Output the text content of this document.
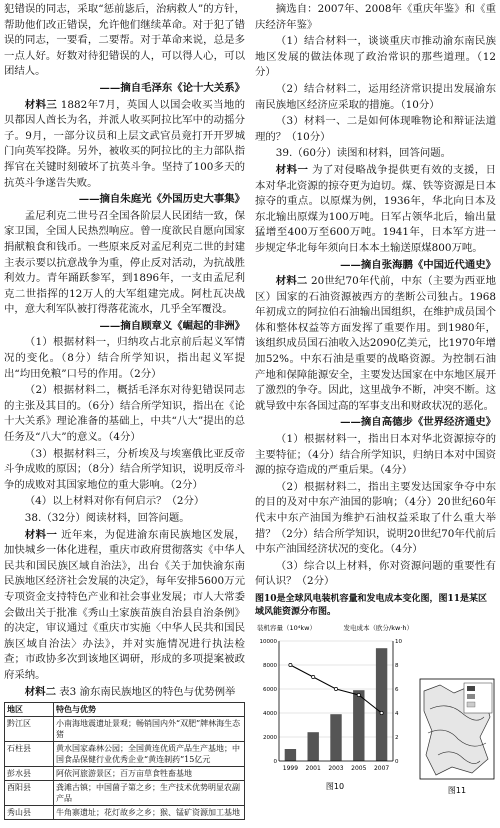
犯错误的同志，采取“惩前毖后，治病救人”的方针，帮助他们改正错误，允许他们继续革命。对于犯了错误的同志，一要看，二要帮。对于革命来说，总是多一点人好。好数对待犯错误的人，可以得人心，可以团结人。

——摘自毛泽东《论十大关系》

材料三 1882年7月，英国人以国会收买当地的贝都因人酋长为名，并派人收买阿拉比军中的动摇分子。9月，一部分议员和上层文武官员竟打开开罗城门向英军投降。另外，被收买的阿拉比的主力部队指挥官在关键时刻破坏了抗英斗争。坚持了100多天的抗英斗争遂告失败。

——摘自朱庭光《外国历史大事集》

孟尼利克二世号召全国各阶层人民团结一致，保家卫国，全国人民热烈响应。曾一度欲民自愿向国家捐献粮食和钱币。一些原来反对孟尼利克二世的封建主表示要以抗意战争为重，停止反对活动，为抗战胜利效力。青年踊跃参军，到1896年，一支由孟尼利克二世指挥的12万人的大军组建完成。阿杜瓦决战中，意大利军队被打得落花流水，几乎全军覆没。

——摘自顾章义《崛起的非洲》

（1）根据材料一，归纳攻占北京前后起义军情况的变化。（8分）结合所学知识，指出起义军提出“均田免粮”口号的作用。（2分）

（2）根据材料二，概括毛泽东对待犯错误同志的主张及其目的。（6分）结合所学知识，指出在《论十大关系》理论准备的基础上，中共“八大”提出的总任务及“八大”的意义。（4分）

（3）根据材料三，分析埃及与埃塞俄比亚反帝斗争成败的原因；（8分）结合所学知识，说明反帝斗争的成败对其国家地位的重大影响。（2分）

（4）以上材料对你有何启示？（2分）

38.（32分）阅读材料，回答问题。

材料一 近年来，为促进渝东南民族地区发展，加快城乡一体化进程，重庆市政府贯彻落实《中华人民共和国民族区域自治法》，出台《关于加快渝东南民族地区经济社会发展的决定》，每年安排5600万元专项资金支持特色产业和社会事业发展；市人大常委会做出关于批准《秀山土家族苗族自治县自治条例》的决定，审议通过《重庆市实施〈中华人民共和国民族区域自治法〉办法》，并对实施情况进行执法检查；市政协多次到该地区调研，形成的多项提案被政府采纳。

材料二 表3 渝东南民族地区的特色与优势例举

地区	特色与优势
黔江区	小南海地震遗址景观；畅销国内外“双肥”牌林海生态猪
石柱县	黄水国家森林公园；全国黄连优质产品生产基地；中国食品保健行业优秀企业“黄连制药”15亿元
彭水县	阿依河旅游景区；百万亩草食牲畜基地
酉阳县	龚滩古镇；中国菌子第之乡；生产技术优势明显农副产品
秀山县	牛角寨遗址；花灯故乡之乡；猴、锰矿资源加工基地

摘选自：2007年、2008年《重庆年鉴》和《重庆经济年鉴》

（1）结合材料一，谈谈重庆市推动渝东南民族地区发展的做法体现了政治常识的那些道理。（12分）

（2）结合材料二，运用经济常识提出发展渝东南民族地区经济应采取的措施。（10分）

（3）材料一、二是如何体现唯物论和辩证法道理的？（10分）

39.（60分）读图和材料，回答问题。

材料一 为了对侵略战争提供更有效的支援，日本对华北资源的掠夺更为迫切。煤、铁等资源是日本掠夺的重点。以原煤为例，1936年，华北向日本及东北输出原煤为100万吨。日军占领华北后，输出量猛增至400万至600万吨。1941年，日本军方进一步规定华北每年须向日本本土输送原煤800万吨。

——摘自张海鹏《中国近代通史》

材料二 20世纪70年代前，中东（主要为西亚地区）国家的石油资源被西方的垄断公司独占。1968年初成立的阿拉伯石油输出国组织，在维护成员国个体和整体权益等方面发挥了重要作用。到1980年，该组织成员国石油收入达2090亿美元，比1970年增加52%。中东石油是重要的战略资源。为控制石油产地和保障能源安全，主要发达国家在中东地区展开了激烈的争夺。因此，这里战争不断，冲突不断。这就导致中东各国过高的军事支出和财政状况的恶化。

——摘自高德步《世界经济通史》

（1）根据材料一，指出日本对华北资源掠夺的主要特征；（4分）结合所学知识，归纳日本对中国资源的掠夺造成的严重后果。（4分）

（2）根据材料二，指出主要发达国家争夺中东的目的及对中东产油国的影响；（4分）20世纪60年代末中东产油国为维护石油权益采取了什么重大举措？（2分）结合所学知识，说明20世纪70年代前后中东产油国经济状况的变化。（4分）

（3）综合以上材料，你对资源问题的重要性有何认识？（2分）

图10是全球风电装机容量和发电成本变化图，图11是某区域风能资源分布图。
装机容量（10⁴kw）	发电成本（欧分/kw·h）
10000
8000
6000
4000
2000
0
10
8
6
4
2
0
1999 2001 2003 2005 2007
图10	图11
